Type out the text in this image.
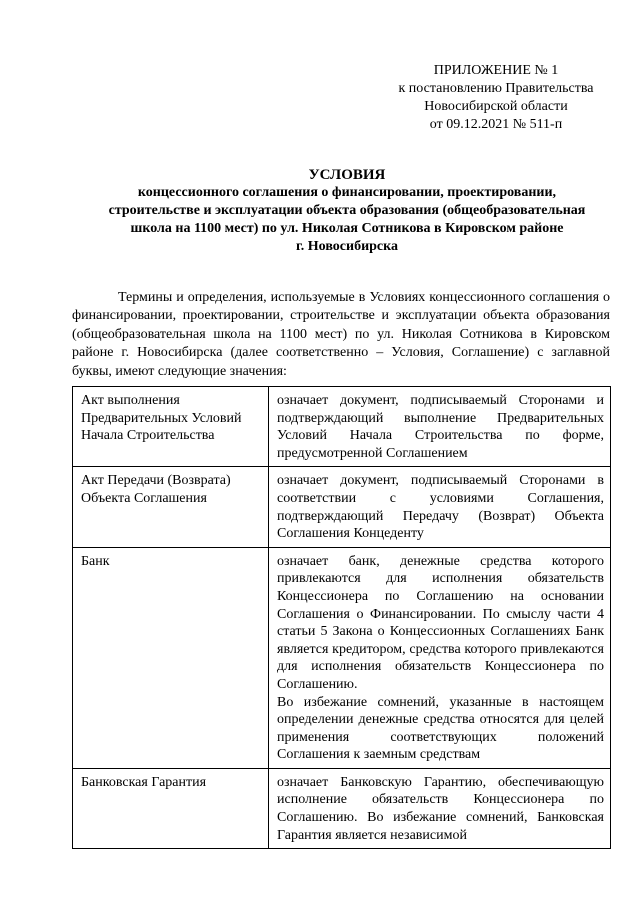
ПРИЛОЖЕНИЕ № 1
к постановлению Правительства
Новосибирской области
от 09.12.2021 № 511-п
УСЛОВИЯ
концессионного соглашения о финансировании, проектировании,
строительстве и эксплуатации объекта образования (общеобразовательная
школа на 1100 мест) по ул. Николая Сотникова в Кировском районе
г. Новосибирска

Термины и определения, используемые в Условиях концессионного соглашения о финансировании, проектировании, строительстве и эксплуатации объекта образования (общеобразовательная школа на 1100 мест) по ул. Николая Сотникова в Кировском районе г. Новосибирска (далее соответственно – Условия, Соглашение) с заглавной буквы, имеют следующие значения:

Акт выполнения Предварительных Условий Начала Строительства	означает документ, подписываемый Сторонами и подтверждающий выполнение Предварительных Условий Начала Строительства по форме, предусмотренной Соглашением
Акт Передачи (Возврата) Объекта Соглашения	означает документ, подписываемый Сторонами в соответствии с условиями Соглашения, подтверждающий Передачу (Возврат) Объекта Соглашения Концеденту
Банк	означает банк, денежные средства которого привлекаются для исполнения обязательств Концессионера по Соглашению на основании Соглашения о Финансировании. По смыслу части 4 статьи 5 Закона о Концессионных Соглашениях Банк является кредитором, средства которого привлекаются для исполнения обязательств Концессионера по Соглашению.
Во избежание сомнений, указанные в настоящем определении денежные средства относятся для целей применения соответствующих положений Соглашения к заемным средствам

Банковская Гарантия	означает Банковскую Гарантию, обеспечивающую исполнение обязательств Концессионера по Соглашению. Во избежание сомнений, Банковская Гарантия является независимой
